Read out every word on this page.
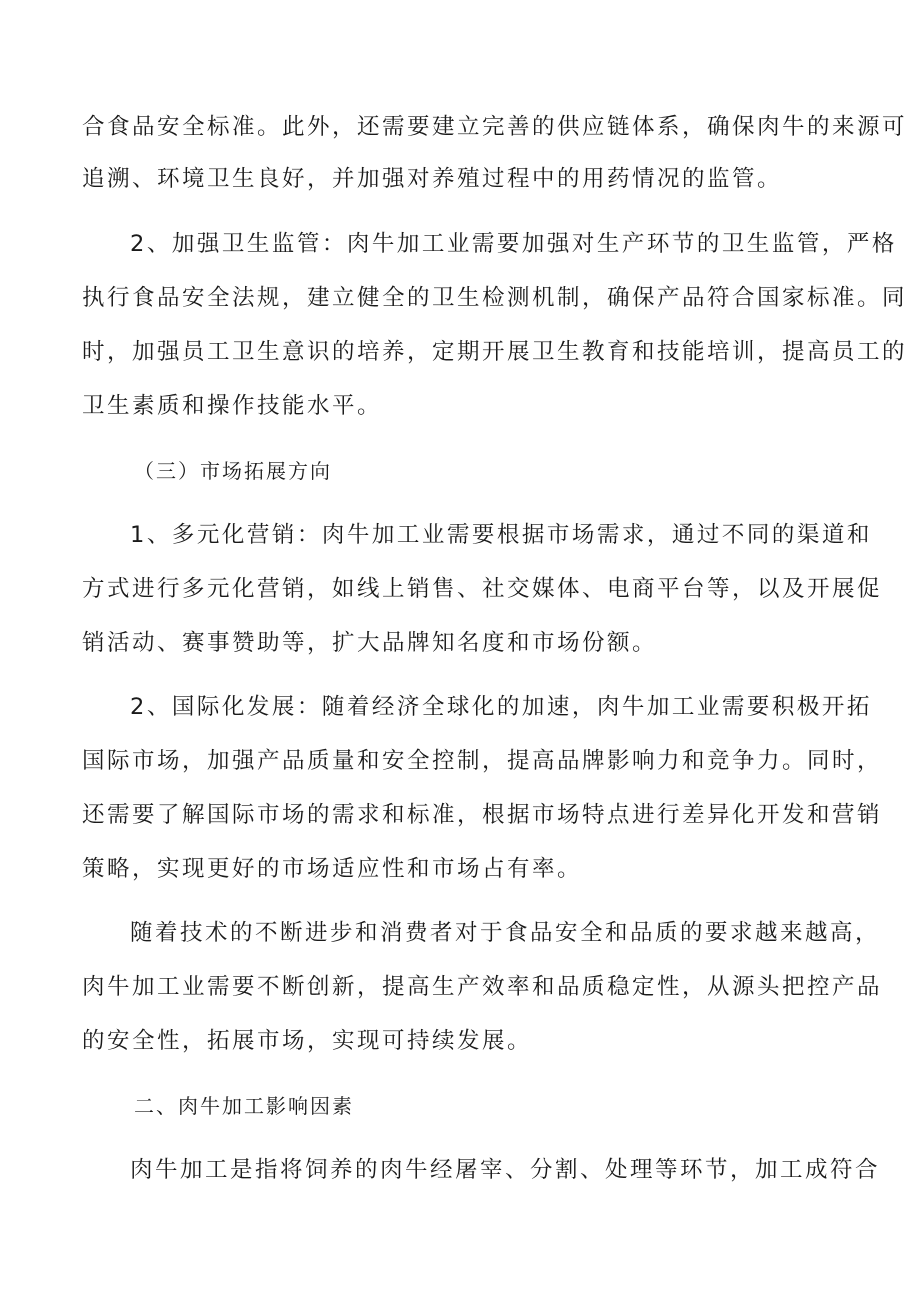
合食品安全标准。此外，还需要建立完善的供应链体系，确保肉牛的来源可
追溯、环境卫生良好，并加强对养殖过程中的用药情况的监管。
2、加强卫生监管：肉牛加工业需要加强对生产环节的卫生监管，严格
执行食品安全法规，建立健全的卫生检测机制，确保产品符合国家标准。同
时，加强员工卫生意识的培养，定期开展卫生教育和技能培训，提高员工的
卫生素质和操作技能水平。
（三）市场拓展方向
1、多元化营销：肉牛加工业需要根据市场需求，通过不同的渠道和
方式进行多元化营销，如线上销售、社交媒体、电商平台等，以及开展促
销活动、赛事赞助等，扩大品牌知名度和市场份额。
2、国际化发展：随着经济全球化的加速，肉牛加工业需要积极开拓
国际市场，加强产品质量和安全控制，提高品牌影响力和竞争力。同时，
还需要了解国际市场的需求和标准，根据市场特点进行差异化开发和营销
策略，实现更好的市场适应性和市场占有率。
随着技术的不断进步和消费者对于食品安全和品质的要求越来越高，
肉牛加工业需要不断创新，提高生产效率和品质稳定性，从源头把控产品
的安全性，拓展市场，实现可持续发展。
二、肉牛加工影响因素
肉牛加工是指将饲养的肉牛经屠宰、分割、处理等环节，加工成符合
